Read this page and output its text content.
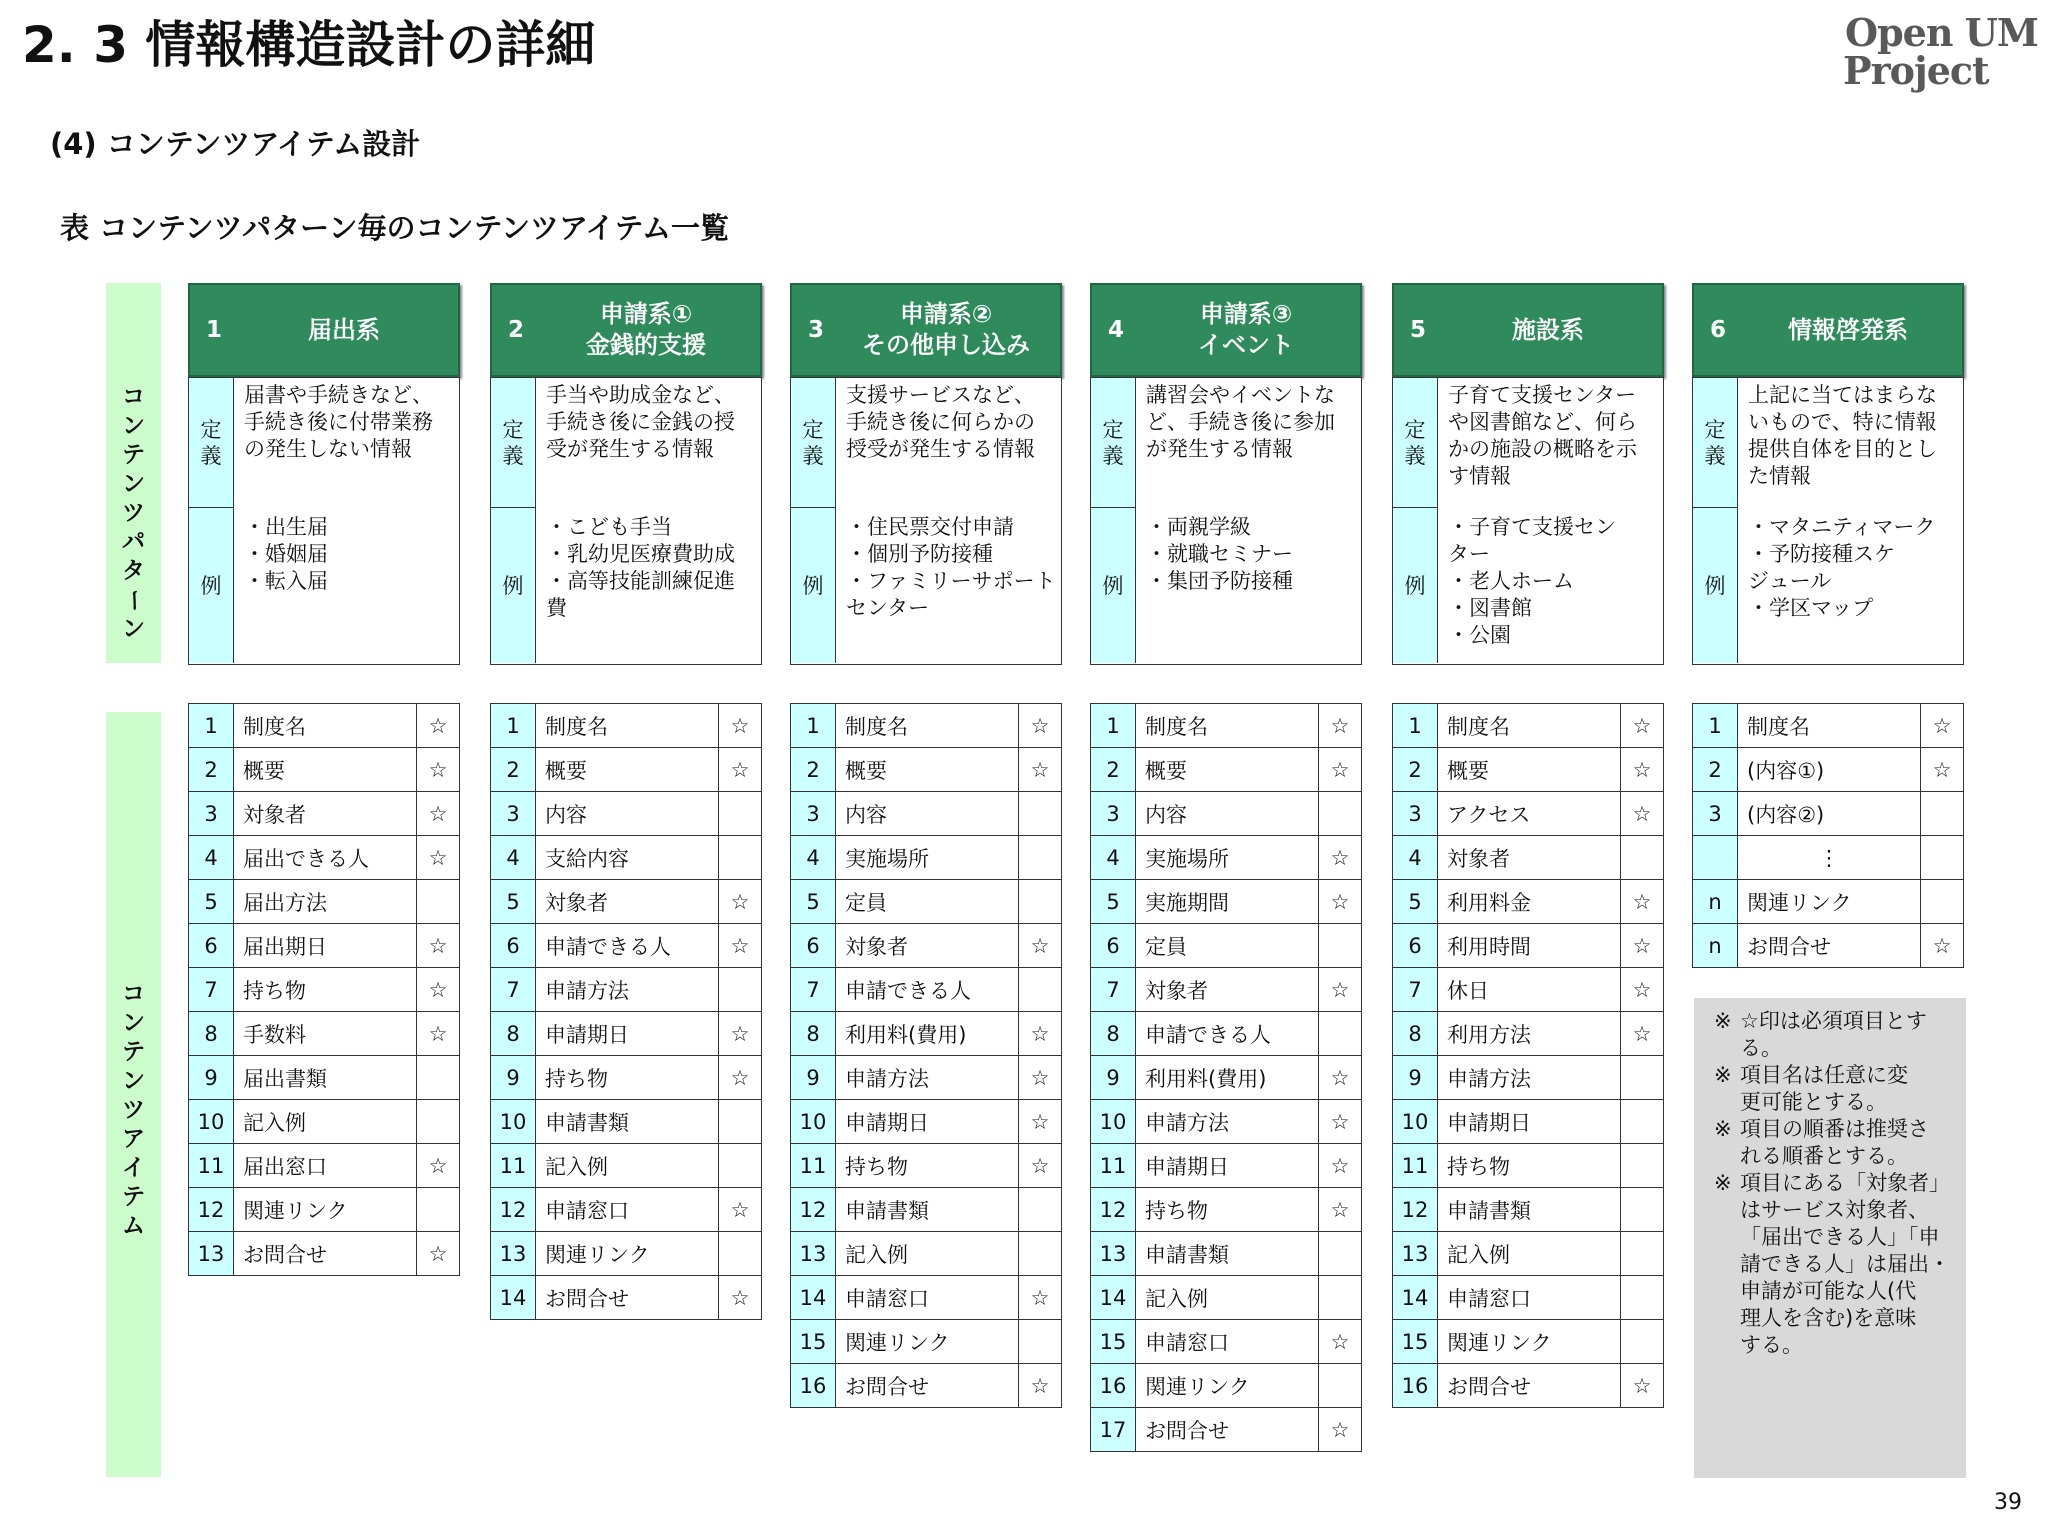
2. 3 情報構造設計の詳細	Open UM
Project
(4) コンテンツアイテム設計
表 コンテンツパターン毎のコンテンツアイテム一覧
コ
ン
テ
ン
ツ
パ
タ
ー
ン
コ
ン
テ
ン
ツ
ア
イ
テ
ム
1	届出系
定
義
例
届書や手続きなど、
手続き後に付帯業務
の発生しない情報
・出生届
・婚姻届
・転入届
1	制度名	☆
2	概要	☆
3	対象者	☆
4	届出できる人	☆
5	届出方法
6	届出期日	☆
7	持ち物	☆
8	手数料	☆
9	届出書類
10 記入例
11 届出窓口	☆
12 関連リンク
13 お問合せ	☆
2
申請系①
金銭的支援
定
義
例
手当や助成金など、
手続き後に金銭の授
受が発生する情報
・こども手当
・乳幼児医療費助成
・高等技能訓練促進
費
1	制度名	☆
2	概要	☆
3	内容
4	支給内容
5	対象者	☆
6	申請できる人	☆
7	申請方法
8	申請期日	☆
9	持ち物	☆
10 申請書類
11 記入例
12 申請窓口	☆
13 関連リンク
14 お問合せ	☆
3
申請系②
その他申し込み
定
義
例
支援サービスなど、
手続き後に何らかの
授受が発生する情報
・住民票交付申請
・個別予防接種
・ファミリーサポート
センター
1	制度名	☆
2	概要	☆
3	内容
4	実施場所
5	定員
6	対象者	☆
7	申請できる人
8	利用料(費用)	☆
9	申請方法	☆
10 申請期日	☆
11 持ち物	☆
12 申請書類
13 記入例
14 申請窓口	☆
15 関連リンク
16 お問合せ	☆
4
申請系③
イベント
定
義
例
講習会やイベントな
ど、手続き後に参加
が発生する情報
・両親学級
・就職セミナー
・集団予防接種
1	制度名	☆
2	概要	☆
3	内容
4	実施場所	☆
5	実施期間	☆
6	定員
7	対象者	☆
8	申請できる人
9	利用料(費用)	☆
10 申請方法	☆
11 申請期日	☆
12 持ち物	☆
13 申請書類
14 記入例
15 申請窓口	☆
16 関連リンク
17 お問合せ	☆
5	施設系
定
義
例
子育て支援センター
や図書館など、何ら
かの施設の概略を示
す情報
・子育て支援セン
ター
・老人ホーム
・図書館
・公園
1	制度名	☆
2	概要	☆
3	アクセス	☆
4	対象者
5	利用料金	☆
6	利用時間	☆
7	休日	☆
8	利用方法	☆
9	申請方法
10 申請期日
11 持ち物
12 申請書類
13 記入例
14 申請窓口
15 関連リンク
16 お問合せ	☆
6	情報啓発系
定
義
例
上記に当てはまらな
いもので、特に情報
提供自体を目的とし
た情報
・マタニティマーク
・予防接種スケ
ジュール
・学区マップ
1	制度名	☆
2	(内容①)	☆
3	(内容②)
⋮
n	関連リンク
n	お問合せ	☆
※ ☆印は必須項目とす
る。
※ 項目名は任意に変
更可能とする。
※ 項目の順番は推奨さ
れる順番とする。
※ 項目にある「対象者」
はサービス対象者、
「届出できる人」「申
請できる人」は届出・
申請が可能な人(代
理人を含む)を意味
する。
39
